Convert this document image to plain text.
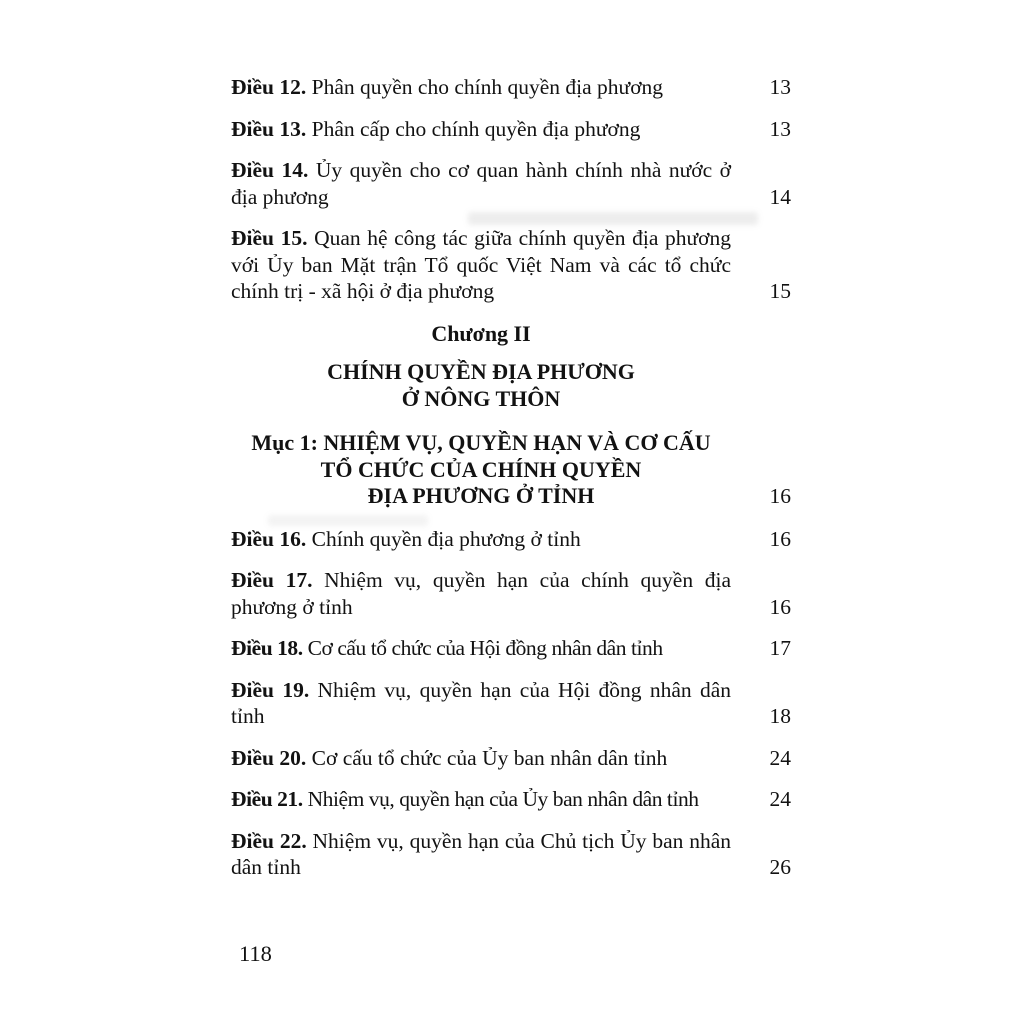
Điều 12. Phân quyền cho chính quyền địa phương	13
Điều 13. Phân cấp cho chính quyền địa phương	13
Điều 14. Ủy quyền cho cơ quan hành chính nhà nước ở địa phương	14
Điều 15. Quan hệ công tác giữa chính quyền địa phương với Ủy ban Mặt trận Tổ quốc Việt Nam và các tổ chức chính trị - xã hội ở địa phương	15
Chương II
CHÍNH QUYỀN ĐỊA PHƯƠNG
Ở NÔNG THÔN
Mục 1: NHIỆM VỤ, QUYỀN HẠN VÀ CƠ CẤU
TỔ CHỨC CỦA CHÍNH QUYỀN
ĐỊA PHƯƠNG Ở TỈNH	16
Điều 16. Chính quyền địa phương ở tỉnh	16
Điều 17. Nhiệm vụ, quyền hạn của chính quyền địa phương ở tỉnh	16
Điều 18. Cơ cấu tổ chức của Hội đồng nhân dân tỉnh	17
Điều 19. Nhiệm vụ, quyền hạn của Hội đồng nhân dân tỉnh	18
Điều 20. Cơ cấu tổ chức của Ủy ban nhân dân tỉnh	24
Điều 21. Nhiệm vụ, quyền hạn của Ủy ban nhân dân tỉnh	24
Điều 22. Nhiệm vụ, quyền hạn của Chủ tịch Ủy ban nhân dân tỉnh	26
118
